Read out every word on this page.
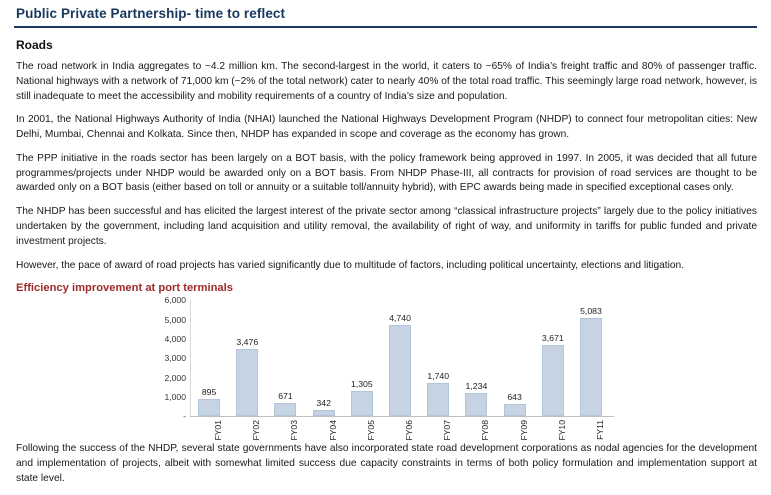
Public Private Partnership- time to reflect
Roads

The road network in India aggregates to ~4.2 million km. The second-largest in the world, it caters to ~65% of India’s freight traffic and 80% of passenger traffic. National highways with a network of 71,000 km (~2% of the total network) cater to nearly 40% of the total road traffic. This seemingly large road network, however, is still inadequate to meet the accessibility and mobility requirements of a country of India’s size and population.

In 2001, the National Highways Authority of India (NHAI) launched the National Highways Development Program (NHDP) to connect four metropolitan cities: New Delhi, Mumbai, Chennai and Kolkata. Since then, NHDP has expanded in scope and coverage as the economy has grown.

The PPP initiative in the roads sector has been largely on a BOT basis, with the policy framework being approved in 1997. In 2005, it was decided that all future programmes/projects under NHDP would be awarded only on a BOT basis. From NHDP Phase-III, all contracts for provision of road services are thought to be awarded only on a BOT basis (either based on toll or annuity or a suitable toll/annuity hybrid), with EPC awards being made in specified exceptional cases only.

The NHDP has been successful and has elicited the largest interest of the private sector among “classical infrastructure projects” largely due to the policy initiatives undertaken by the government, including land acquisition and utility removal, the availability of right of way, and uniformity in tariffs for public funded and private investment projects.

However, the pace of award of road projects has varied significantly due to multitude of factors, including political uncertainty, elections and litigation.

Efficiency improvement at port terminals
-
1,000
2,000
3,000
4,000
5,000
6,000
895
3,476
671
342
1,305
4,740
1,740
1,234
643
3,671
5,083
FY01	FY02	FY03	FY04	FY05	FY06	FY07	FY08	FY09	FY10	FY11

Following the success of the NHDP, several state governments have also incorporated state road development corporations as nodal agencies for the development and implementation of projects, albeit with somewhat limited success due capacity constraints in terms of both policy formulation and implementation support at state level.
